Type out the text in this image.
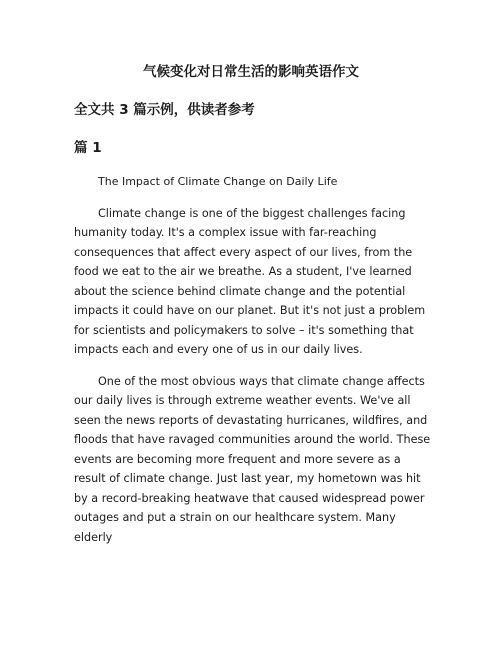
气候变化对日常生活的影响英语作文
全文共 3 篇示例，供读者参考
篇 1

The Impact of Climate Change on Daily Life

Climate change is one of the biggest challenges facing humanity today. It's a complex issue with far-reaching consequences that affect every aspect of our lives, from the food we eat to the air we breathe. As a student, I've learned about the science behind climate change and the potential impacts it could have on our planet. But it's not just a problem for scientists and policymakers to solve – it's something that impacts each and every one of us in our daily lives.

One of the most obvious ways that climate change affects our daily lives is through extreme weather events. We've all seen the news reports of devastating hurricanes, wildfires, and floods that have ravaged communities around the world. These events are becoming more frequent and more severe as a result of climate change. Just last year, my hometown was hit by a record-breaking heatwave that caused widespread power outages and put a strain on our healthcare system. Many elderly
